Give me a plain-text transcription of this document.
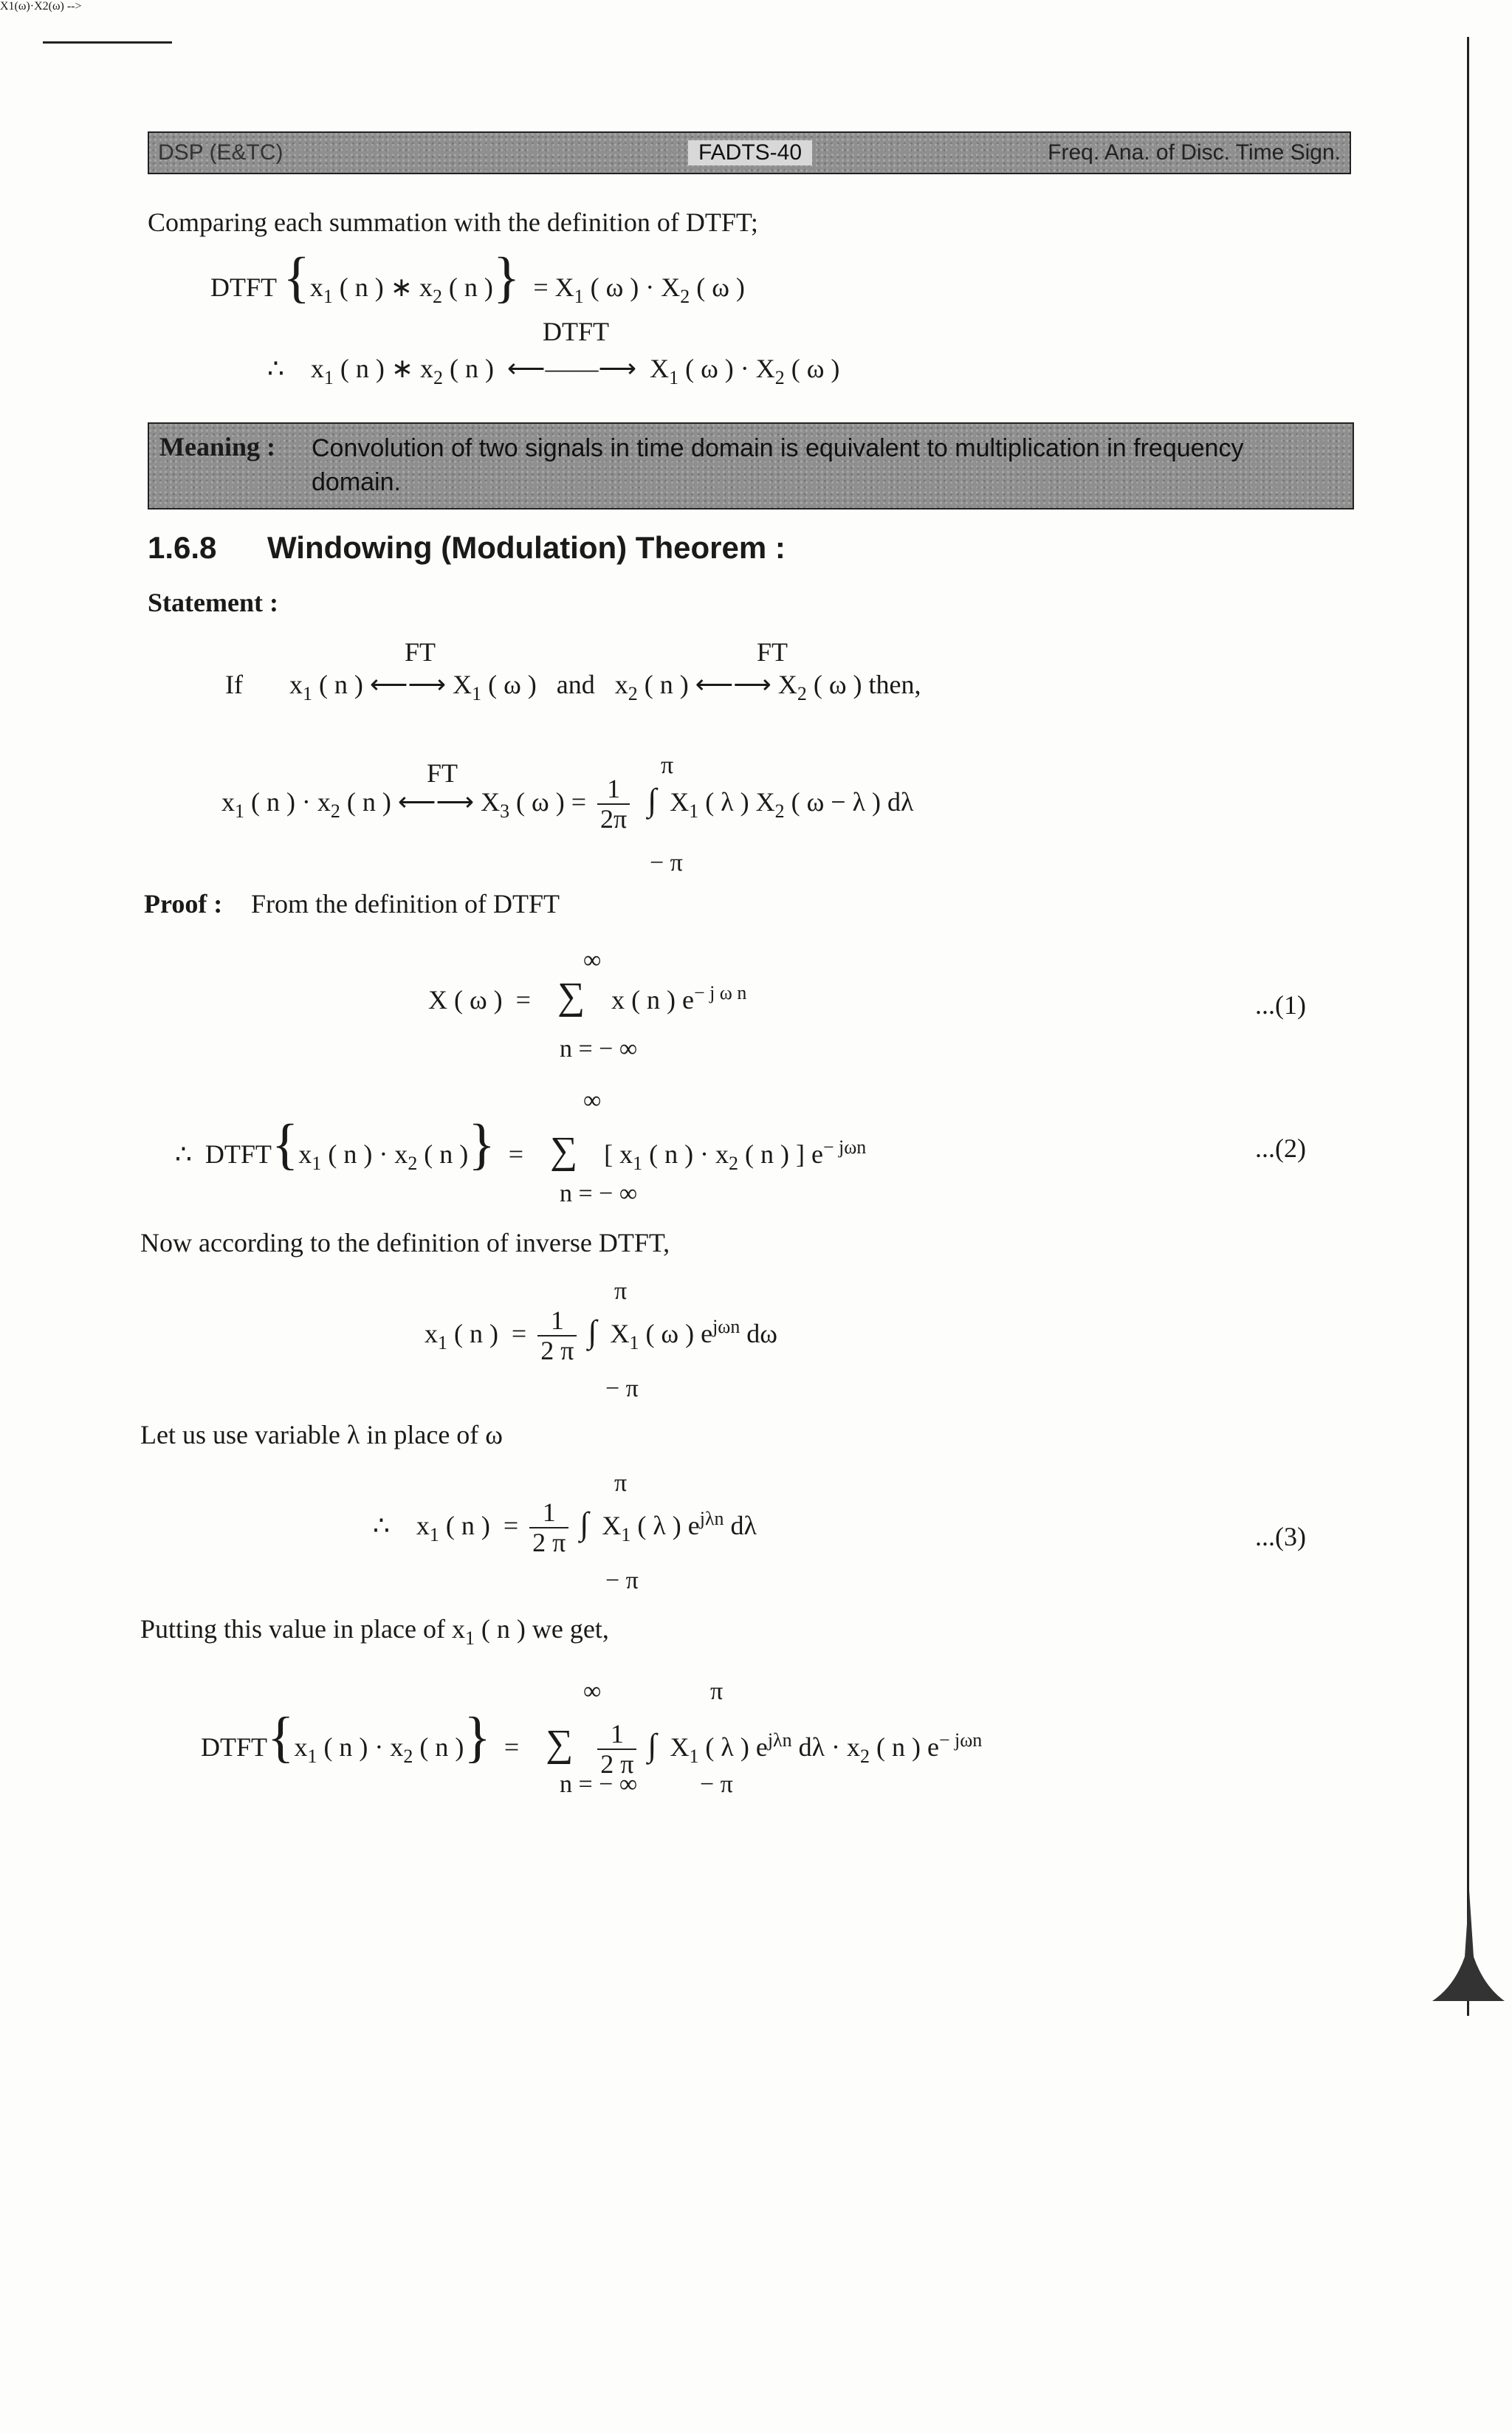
DSP (E&TC)	FADTS-40	Freq. Ana. of Disc. Time Sign.
Comparing each summation with the definition of DTFT;
DTFT {$x_1$ ( n ) ∗ $x_2$ ( n )}  = $X_1$ ( ω ) · $X_2$ ( ω )
DTFT
X1(ω)·X2(ω) -->
∴    $x_1$ ( n ) ∗ $x_2$ ( n )  ⟵——⟶  $X_1$ ( ω ) · $X_2$ ( ω )
Meaning : Convolution of two signals in time domain is equivalent to multiplication in frequency domain.
1.6.8 Windowing (Modulation) Theorem :
Statement :
FT	FT
If       $x_1$ ( n ) ⟵⟶ $X_1$ ( ω )   and   $x_2$ ( n ) ⟵⟶ $X_2$ ( ω ) then,
FT	π
$x_1$ ( n ) · $x_2$ ( n ) ⟵⟶ $X_3$ ( ω ) = $\frac{1}{2\pi}$ ∫  $X_1$ ( λ ) $X_2$ ( ω − λ ) dλ
− π
Proof : From the definition of DTFT
∞
X ( ω )  =    ∑    x ( n ) $e^{- j \omega n}$
n = − ∞
...(1)
∞
∴ $DTFT\{x_1$ ( n ) · $x_2$ ( n )}  =    ∑    [ $x_1$ ( n ) · $x_2$ ( n ) ] $e^{- j\omega n}$
n = − ∞
...(2)
Now according to the definition of inverse DTFT,
π
$x_1$ ( n )  = $\frac{1}{2 \pi}$ ∫  $X_1$ ( ω ) $e^{j\omega n}$ dω
− π
Let us use variable λ in place of ω
π
∴    $x_1$ ( n )  = $\frac{1}{2 \pi}$ ∫  $X_1$ ( λ ) $e^{j\lambda n}$ dλ
− π
...(3)
Putting this value in place of $x_1$ ( n ) we get,
∞	π
$DTFT\{x_1$ ( n ) · $x_2$ ( n )}  =    ∑ $\frac{1}{2 \pi}$ ∫  $X_1$ ( λ ) $e^{j\lambda n}$ $d\lambda \cdot x_2$ ( n ) $e^{- j\omega n}$
n = − ∞ − π
